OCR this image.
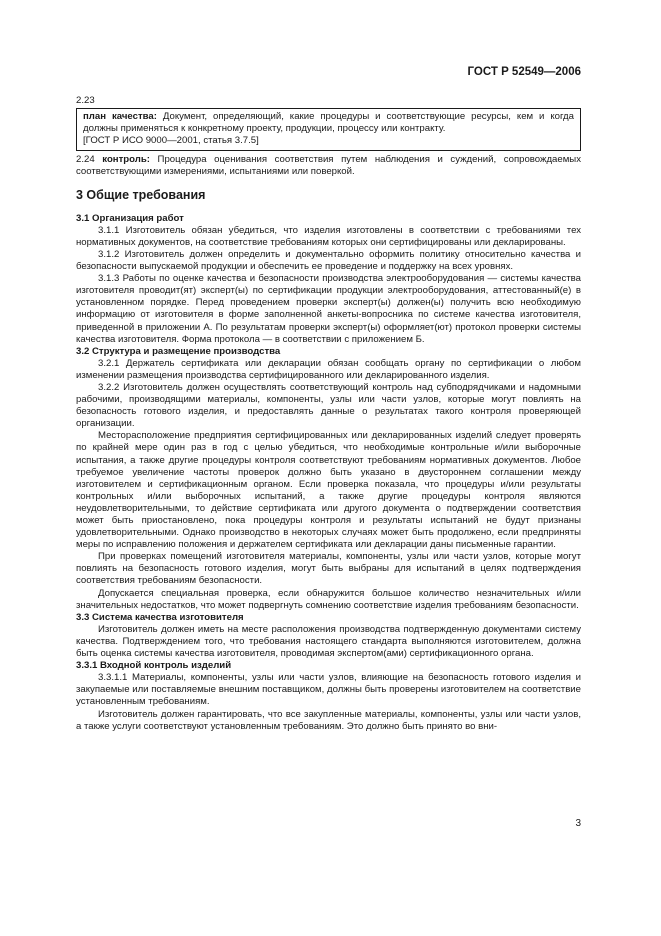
ГОСТ Р 52549—2006

2.23

план качества: Документ, определяющий, какие процедуры и соответствующие ресурсы, кем и когда должны применяться к конкретному проекту, продукции, процессу или контракту.

[ГОСТ Р ИСО 9000—2001, статья 3.7.5]

2.24 контроль: Процедура оценивания соответствия путем наблюдения и суждений, сопровождаемых соответствующими измерениями, испытаниями или поверкой.

3 Общие требования

3.1 Организация работ

3.1.1 Изготовитель обязан убедиться, что изделия изготовлены в соответствии с требованиями тех нормативных документов, на соответствие требованиям которых они сертифицированы или декларированы.

3.1.2 Изготовитель должен определить и документально оформить политику относительно качества и безопасности выпускаемой продукции и обеспечить ее проведение и поддержку на всех уровнях.

3.1.3 Работы по оценке качества и безопасности производства электрооборудования — системы качества изготовителя проводит(ят) эксперт(ы) по сертификации продукции электрооборудования, аттестованный(е) в установленном порядке. Перед проведением проверки эксперт(ы) должен(ы) получить всю необходимую информацию от изготовителя в форме заполненной анкеты-вопросника по системе качества изготовителя, приведенной в приложении А. По результатам проверки эксперт(ы) оформляет(ют) протокол проверки системы качества изготовителя. Форма протокола — в соответствии с приложением Б.

3.2 Структура и размещение производства

3.2.1 Держатель сертификата или декларации обязан сообщать органу по сертификации о любом изменении размещения производства сертифицированного или декларированного изделия.

3.2.2 Изготовитель должен осуществлять соответствующий контроль над субподрядчиками и надомными рабочими, производящими материалы, компоненты, узлы или части узлов, которые могут повлиять на безопасность готового изделия, и предоставлять данные о результатах такого контроля проверяющей организации.

Месторасположение предприятия сертифицированных или декларированных изделий следует проверять по крайней мере один раз в год с целью убедиться, что необходимые контрольные и/или выборочные испытания, а также другие процедуры контроля соответствуют требованиям нормативных документов. Любое требуемое увеличение частоты проверок должно быть указано в двустороннем соглашении между изготовителем и сертификационным органом. Если проверка показала, что процедуры и/или результаты контрольных и/или выборочных испытаний, а также другие процедуры контроля являются неудовлетворительными, то действие сертификата или другого документа о подтверждении соответствия может быть приостановлено, пока процедуры контроля и результаты испытаний не будут признаны удовлетворительными. Однако производство в некоторых случаях может быть продолжено, если предприняты меры по исправлению положения и держателем сертификата или декларации даны письменные гарантии.

При проверках помещений изготовителя материалы, компоненты, узлы или части узлов, которые могут повлиять на безопасность готового изделия, могут быть выбраны для испытаний в целях подтверждения соответствия требованиям безопасности.

Допускается специальная проверка, если обнаружится большое количество незначительных и/или значительных недостатков, что может подвергнуть сомнению соответствие изделия требованиям безопасности.

3.3 Система качества изготовителя

Изготовитель должен иметь на месте расположения производства подтвержденную документами систему качества. Подтверждением того, что требования настоящего стандарта выполняются изготовителем, должна быть оценка системы качества изготовителя, проводимая экспертом(ами) сертификационного органа.

3.3.1 Входной контроль изделий

3.3.1.1 Материалы, компоненты, узлы или части узлов, влияющие на безопасность готового изделия и закупаемые или поставляемые внешним поставщиком, должны быть проверены изготовителем на соответствие установленным требованиям.

Изготовитель должен гарантировать, что все закупленные материалы, компоненты, узлы или части узлов, а также услуги соответствуют установленным требованиям. Это должно быть принято во вни-

3
